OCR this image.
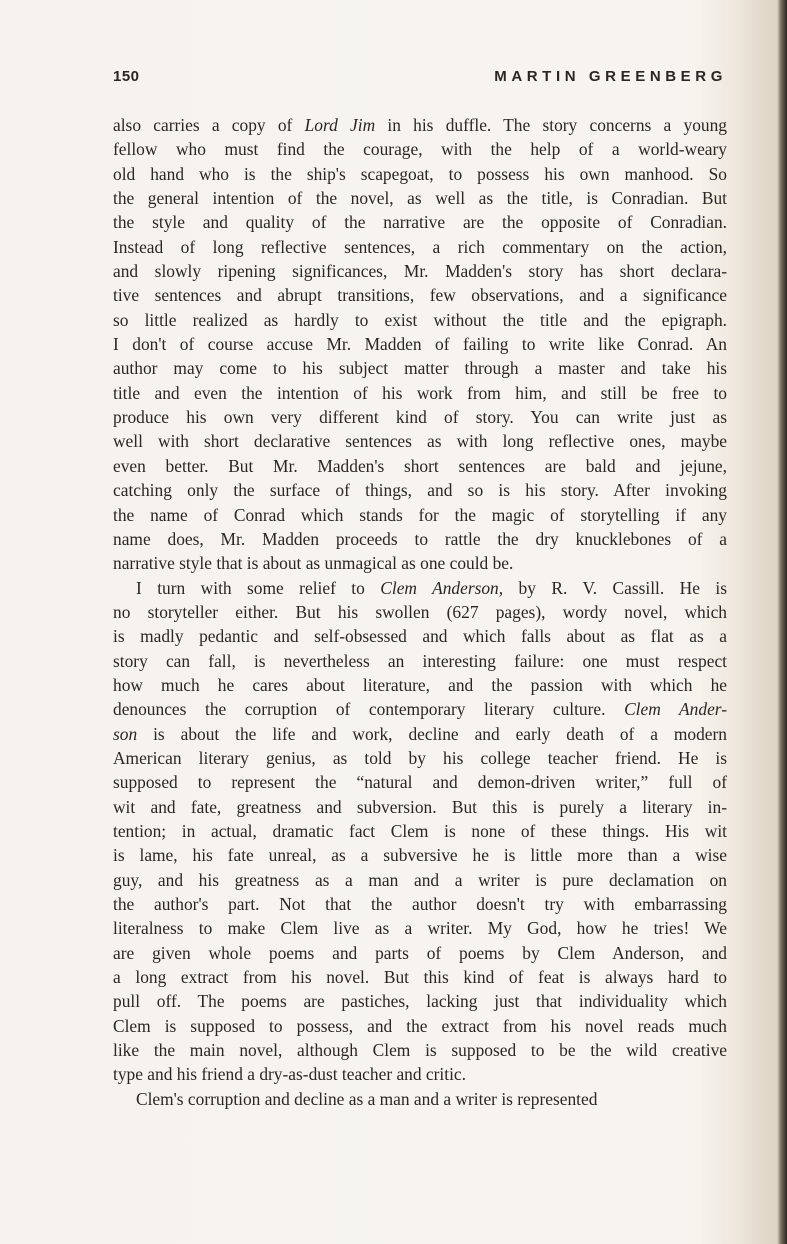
150	MARTIN GREENBERG
also carries a copy of Lord Jim in his duffle. The story concerns a young
fellow who must find the courage, with the help of a world-weary
old hand who is the ship's scapegoat, to possess his own manhood. So
the general intention of the novel, as well as the title, is Conradian. But
the style and quality of the narrative are the opposite of Conradian.
Instead of long reflective sentences, a rich commentary on the action,
and slowly ripening significances, Mr. Madden's story has short declara-
tive sentences and abrupt transitions, few observations, and a significance
so little realized as hardly to exist without the title and the epigraph.
I don't of course accuse Mr. Madden of failing to write like Conrad. An
author may come to his subject matter through a master and take his
title and even the intention of his work from him, and still be free to
produce his own very different kind of story. You can write just as
well with short declarative sentences as with long reflective ones, maybe
even better. But Mr. Madden's short sentences are bald and jejune,
catching only the surface of things, and so is his story. After invoking
the name of Conrad which stands for the magic of storytelling if any
name does, Mr. Madden proceeds to rattle the dry knucklebones of a
narrative style that is about as unmagical as one could be.
I turn with some relief to Clem Anderson, by R. V. Cassill. He is
no storyteller either. But his swollen (627 pages), wordy novel, which
is madly pedantic and self-obsessed and which falls about as flat as a
story can fall, is nevertheless an interesting failure: one must respect
how much he cares about literature, and the passion with which he
denounces the corruption of contemporary literary culture. Clem Ander-
son is about the life and work, decline and early death of a modern
American literary genius, as told by his college teacher friend. He is
supposed to represent the “natural and demon-driven writer,” full of
wit and fate, greatness and subversion. But this is purely a literary in-
tention; in actual, dramatic fact Clem is none of these things. His wit
is lame, his fate unreal, as a subversive he is little more than a wise
guy, and his greatness as a man and a writer is pure declamation on
the author's part. Not that the author doesn't try with embarrassing
literalness to make Clem live as a writer. My God, how he tries! We
are given whole poems and parts of poems by Clem Anderson, and
a long extract from his novel. But this kind of feat is always hard to
pull off. The poems are pastiches, lacking just that individuality which
Clem is supposed to possess, and the extract from his novel reads much
like the main novel, although Clem is supposed to be the wild creative
type and his friend a dry-as-dust teacher and critic.
Clem's corruption and decline as a man and a writer is represented
